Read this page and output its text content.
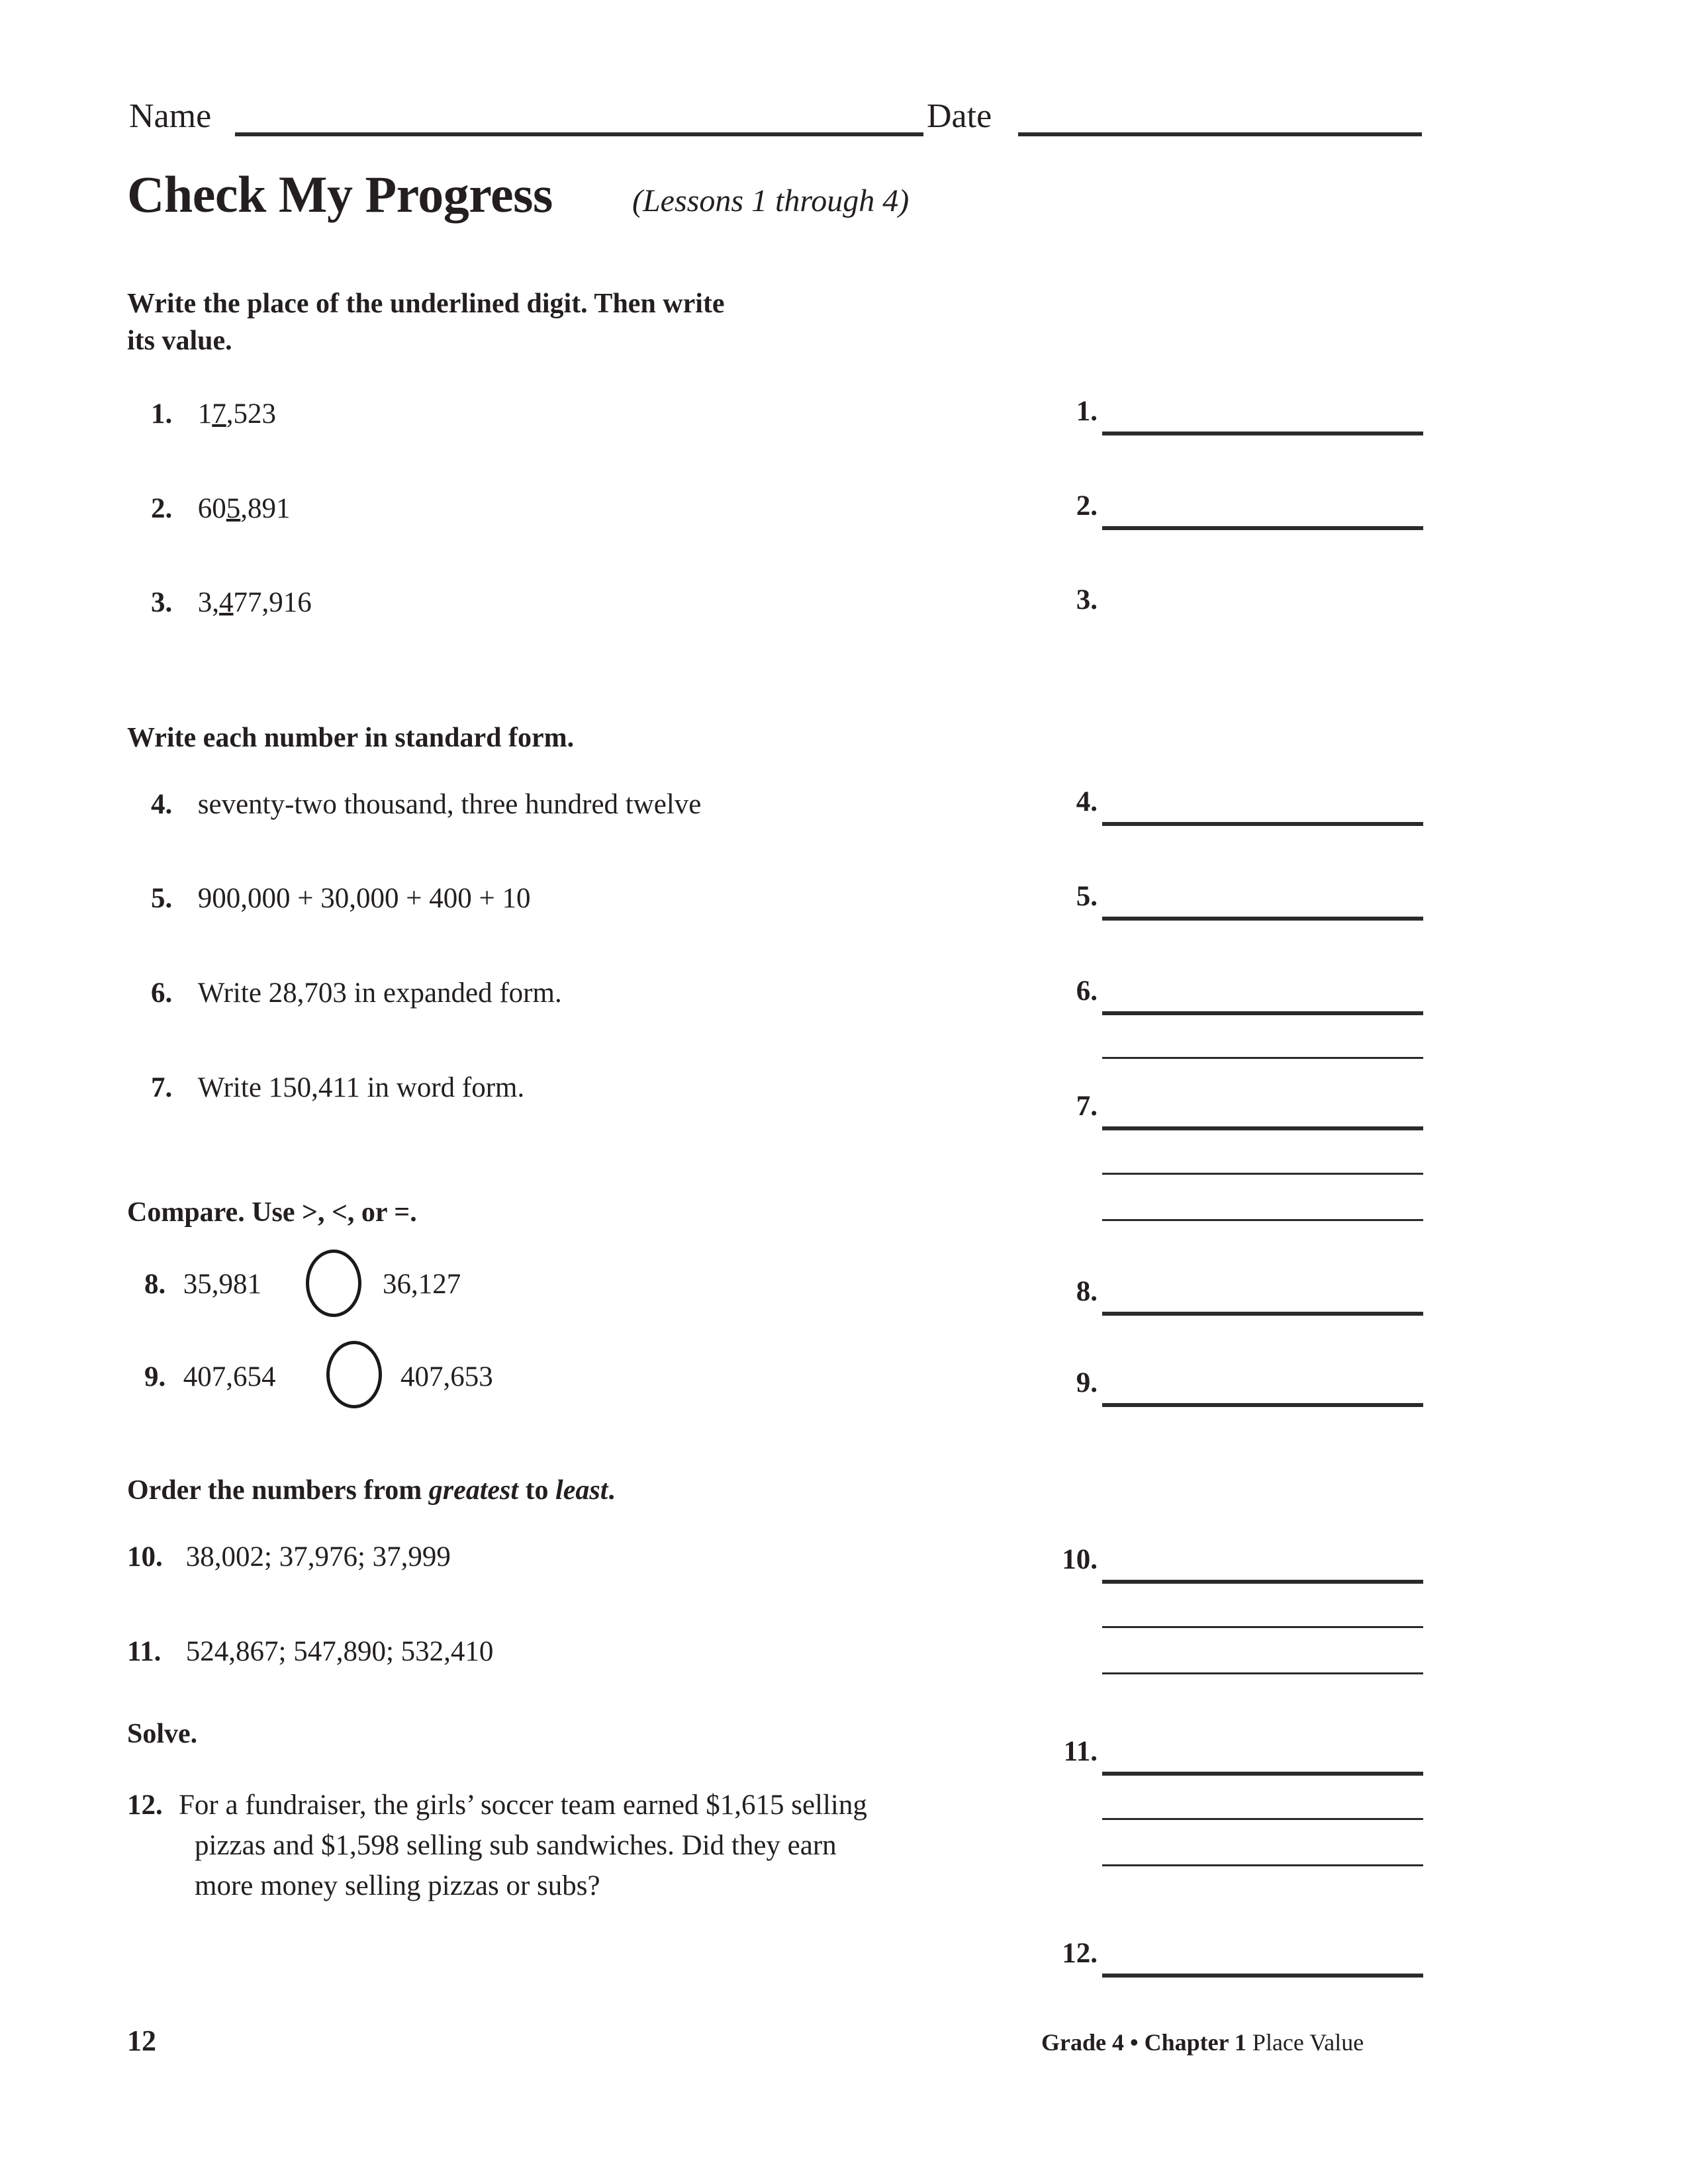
Name	Date
Check My Progress	(Lessons 1 through 4)
Write the place of the underlined digit. Then write
its value.
1. 17,523
2. 605,891
3. 3,477,916
Write each number in standard form.
4. seventy-two thousand, three hundred twelve
5. 900,000 + 30,000 + 400 + 10
6. Write 28,703 in expanded form.
7. Write 150,411 in word form.
Compare. Use >, <, or =.
8. 35,981	36,127
9. 407,654	407,653
Order the numbers from greatest to least.
10. 38,002; 37,976; 37,999
11. 524,867; 547,890; 532,410
Solve.
12. For a fundraiser, the girls’ soccer team earned $1,615 selling
pizzas and $1,598 selling sub sandwiches. Did they earn
more money selling pizzas or subs?
1.
2.
3.
4.
5.
6.
7.
8.
9.
10.
11.
12.
12	Grade 4 • Chapter 1 Place Value
